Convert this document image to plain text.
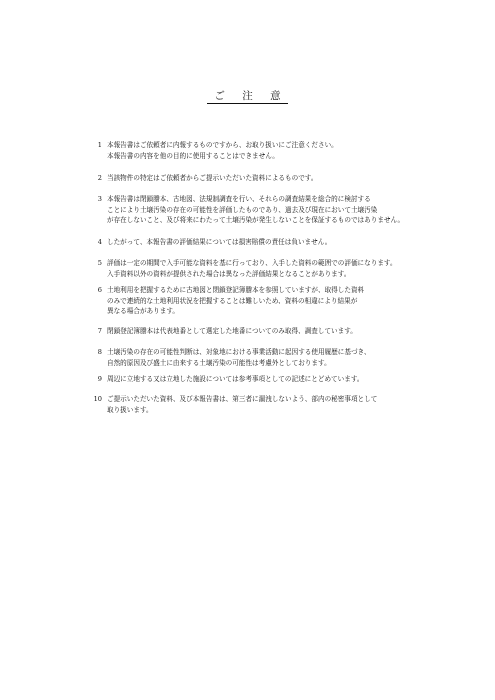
ご 注 意
1 本報告書はご依頼者に内報するものですから、お取り扱いにご注意ください。
本報告書の内容を他の目的に使用することはできません。
2 当該物件の特定はご依頼者からご提示いただいた資料によるものです。
3 本報告書は閉鎖謄本、古地図、法規制調査を行い、それらの調査結果を総合的に検討する
ことにより土壌汚染の存在の可能性を評価したものであり、過去及び現在において土壌汚染
が存在しないこと、及び将来にわたって土壌汚染が発生しないことを保証するものではありません。
4 したがって、本報告書の評価結果については損害賠償の責任は負いません。
5 評価は一定の期間で入手可能な資料を基に行っており、入手した資料の範囲での評価になります。
入手資料以外の資料が提供された場合は異なった評価結果となることがあります。
6 土地利用を把握するために古地図と閉鎖登記簿謄本を参照していますが、取得した資料
のみで連続的な土地利用状況を把握することは難しいため、資料の相違により結果が
異なる場合があります。
7 閉鎖登記簿謄本は代表地番として選定した地番についてのみ取得、調査しています。
8 土壌汚染の存在の可能性判断は、対象地における事業活動に起因する使用履歴に基づき、
自然的原因及び盛土に由来する土壌汚染の可能性は考慮外としております。
9 周辺に立地する又は立地した施設については参考事項としての記述にとどめています。
10 ご提示いただいた資料、及び本報告書は、第三者に漏洩しないよう、部内の秘密事項として
取り扱います。
